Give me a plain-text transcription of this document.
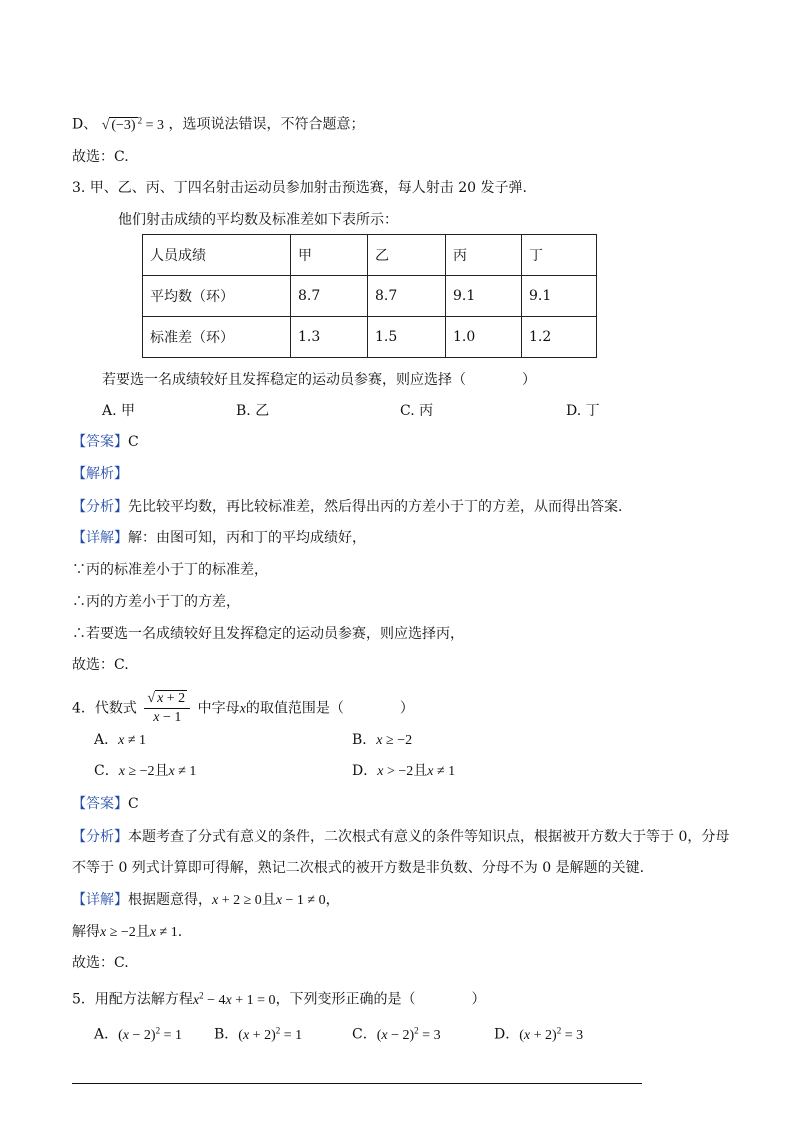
D、 √ (−3) $^2$ = 3 ，选项说法错误，不符合题意；
故选：C.
3. 甲、乙、丙、丁四名射击运动员参加射击预选赛，每人射击 20 发子弹.
他们射击成绩的平均数及标准差如下表所示：
人员成绩	甲	乙	丙	丁
平均数（环）	8.7	8.7	9.1	9.1
标准差（环）	1.3	1.5	1.0	1.2
若要选一名成绩较好且发挥稳定的运动员参赛，则应选择（　　　　）
A. 甲	B. 乙	C. 丙	D. 丁
【答案】C
【解析】
【分析】先比较平均数，再比较标准差，然后得出丙的方差小于丁的方差，从而得出答案.
【详解】解：由图可知，丙和丁的平均成绩好，
∵丙的标准差小于丁的标准差，
∴丙的方差小于丁的方差，
∴若要选一名成绩较好且发挥稳定的运动员参赛，则应选择丙，
故选：C.
4．代数式 $\frac{√ x + 2}{x - 1}$ 中字母x的取值范围是（　　　　）
A．x ≠ 1	B．x ≥ −2
C．x ≥ −2且x ≠ 1	D．x > −2且x ≠ 1
【答案】C
【分析】本题考查了分式有意义的条件，二次根式有意义的条件等知识点，根据被开方数大于等于 0，分母
不等于 0 列式计算即可得解，熟记二次根式的被开方数是非负数、分母不为 0 是解题的关键.
【详解】根据题意得，x + 2 ≥ 0且x − 1 ≠ 0，
解得x ≥ −2且x ≠ 1.
故选：C.
5．用配方法解方程$x^2 - 4x + 1 = 0$，下列变形正确的是（　　　　）
A．$(x - 2)^2 = 1$ B．$(x + 2)^2 = 1$	C．$(x - 2)^2 = 3$	D．$(x + 2)^2 = 3$
